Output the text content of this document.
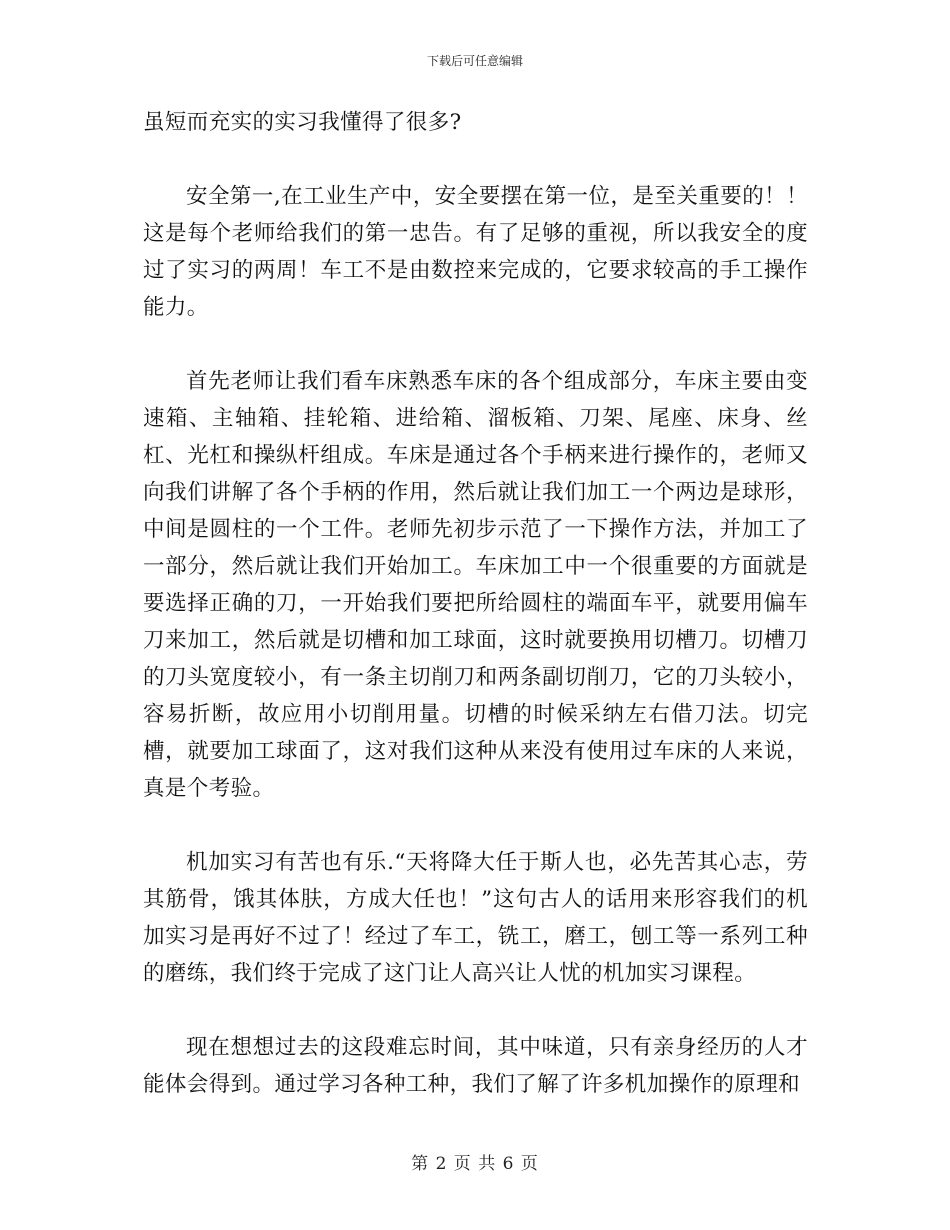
下载后可任意编辑

虽短而充实的实习我懂得了很多?

安全第一,在工业生产中，安全要摆在第一位，是至关重要的！！这是每个老师给我们的第一忠告。有了足够的重视，所以我安全的度过了实习的两周！车工不是由数控来完成的，它要求较高的手工操作能力。

首先老师让我们看车床熟悉车床的各个组成部分，车床主要由变速箱、主轴箱、挂轮箱、进给箱、溜板箱、刀架、尾座、床身、丝杠、光杠和操纵杆组成。车床是通过各个手柄来进行操作的，老师又向我们讲解了各个手柄的作用，然后就让我们加工一个两边是球形，中间是圆柱的一个工件。老师先初步示范了一下操作方法，并加工了一部分，然后就让我们开始加工。车床加工中一个很重要的方面就是要选择正确的刀，一开始我们要把所给圆柱的端面车平，就要用偏车刀来加工，然后就是切槽和加工球面，这时就要换用切槽刀。切槽刀的刀头宽度较小，有一条主切削刀和两条副切削刀，它的刀头较小，容易折断，故应用小切削用量。切槽的时候采纳左右借刀法。切完槽，就要加工球面了，这对我们这种从来没有使用过车床的人来说，真是个考验。

机加实习有苦也有乐.“天将降大任于斯人也，必先苦其心志，劳其筋骨，饿其体肤，方成大任也！”这句古人的话用来形容我们的机加实习是再好不过了！经过了车工，铣工，磨工，刨工等一系列工种的磨练，我们终于完成了这门让人高兴让人忧的机加实习课程。

现在想想过去的这段难忘时间，其中味道，只有亲身经历的人才能体会得到。通过学习各种工种，我们了解了许多机加操作的原理和

第 2 页 共 6 页
